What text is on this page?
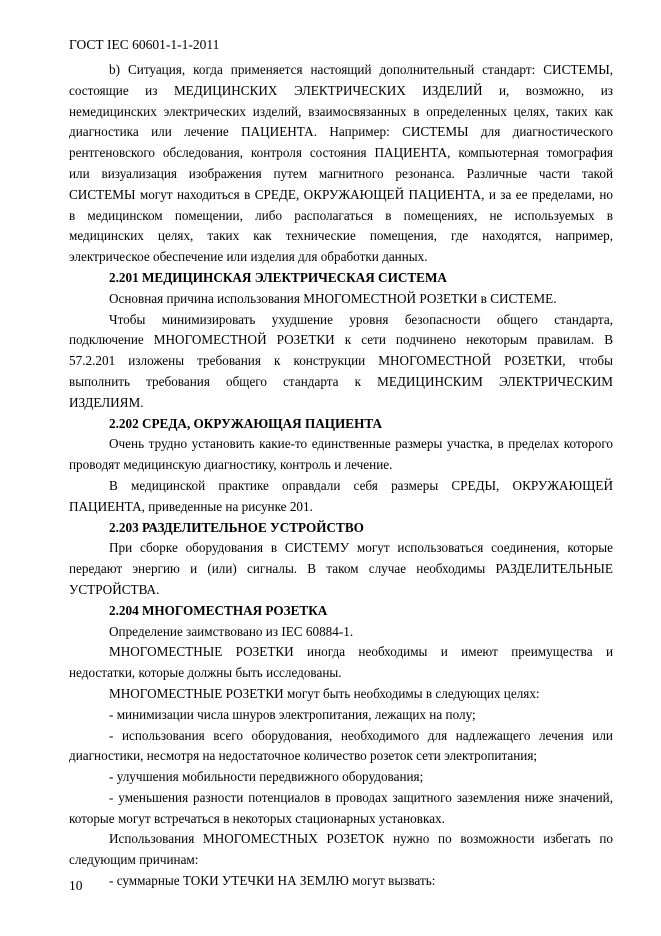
ГОСТ IEC 60601-1-1-2011
b) Ситуация, когда применяется настоящий дополнительный стандарт: СИСТЕМЫ,
состоящие из МЕДИЦИНСКИХ ЭЛЕКТРИЧЕСКИХ ИЗДЕЛИЙ и, возможно, из
немедицинских электрических изделий, взаимосвязанных в определенных целях, таких как
диагностика или лечение ПАЦИЕНТА. Например: СИСТЕМЫ для диагностического
рентгеновского обследования, контроля состояния ПАЦИЕНТА, компьютерная томография
или визуализация изображения путем магнитного резонанса. Различные части такой
СИСТЕМЫ могут находиться в СРЕДЕ, ОКРУЖАЮЩЕЙ ПАЦИЕНТА, и за ее пределами, но
в медицинском помещении, либо располагаться в помещениях, не используемых в
медицинских целях, таких как технические помещения, где находятся, например,
электрическое обеспечение или изделия для обработки данных.
2.201 МЕДИЦИНСКАЯ ЭЛЕКТРИЧЕСКАЯ СИСТЕМА
Основная причина использования МНОГОМЕСТНОЙ РОЗЕТКИ в СИСТЕМЕ.
Чтобы минимизировать ухудшение уровня безопасности общего стандарта,
подключение МНОГОМЕСТНОЙ РОЗЕТКИ к сети подчинено некоторым правилам. В
57.2.201 изложены требования к конструкции МНОГОМЕСТНОЙ РОЗЕТКИ, чтобы
выполнить требования общего стандарта к МЕДИЦИНСКИМ ЭЛЕКТРИЧЕСКИМ
ИЗДЕЛИЯМ.
2.202 СРЕДА, ОКРУЖАЮЩАЯ ПАЦИЕНТА
Очень трудно установить какие-то единственные размеры участка, в пределах которого
проводят медицинскую диагностику, контроль и лечение.
В медицинской практике оправдали себя размеры СРЕДЫ, ОКРУЖАЮЩЕЙ
ПАЦИЕНТА, приведенные на рисунке 201.
2.203 РАЗДЕЛИТЕЛЬНОЕ УСТРОЙСТВО
При сборке оборудования в СИСТЕМУ могут использоваться соединения, которые
передают энергию и (или) сигналы. В таком случае необходимы РАЗДЕЛИТЕЛЬНЫЕ
УСТРОЙСТВА.
2.204 МНОГОМЕСТНАЯ РОЗЕТКА
Определение заимствовано из IEC 60884-1.
МНОГОМЕСТНЫЕ РОЗЕТКИ иногда необходимы и имеют преимущества и
недостатки, которые должны быть исследованы.
МНОГОМЕСТНЫЕ РОЗЕТКИ могут быть необходимы в следующих целях:
- минимизации числа шнуров электропитания, лежащих на полу;
- использования всего оборудования, необходимого для надлежащего лечения или
диагностики, несмотря на недостаточное количество розеток сети электропитания;
- улучшения мобильности передвижного оборудования;
- уменьшения разности потенциалов в проводах защитного заземления ниже значений,
которые могут встречаться в некоторых стационарных установках.
Использования МНОГОМЕСТНЫХ РОЗЕТОК нужно по возможности избегать по
следующим причинам:
- суммарные ТОКИ УТЕЧКИ НА ЗЕМЛЮ могут вызвать:
10
